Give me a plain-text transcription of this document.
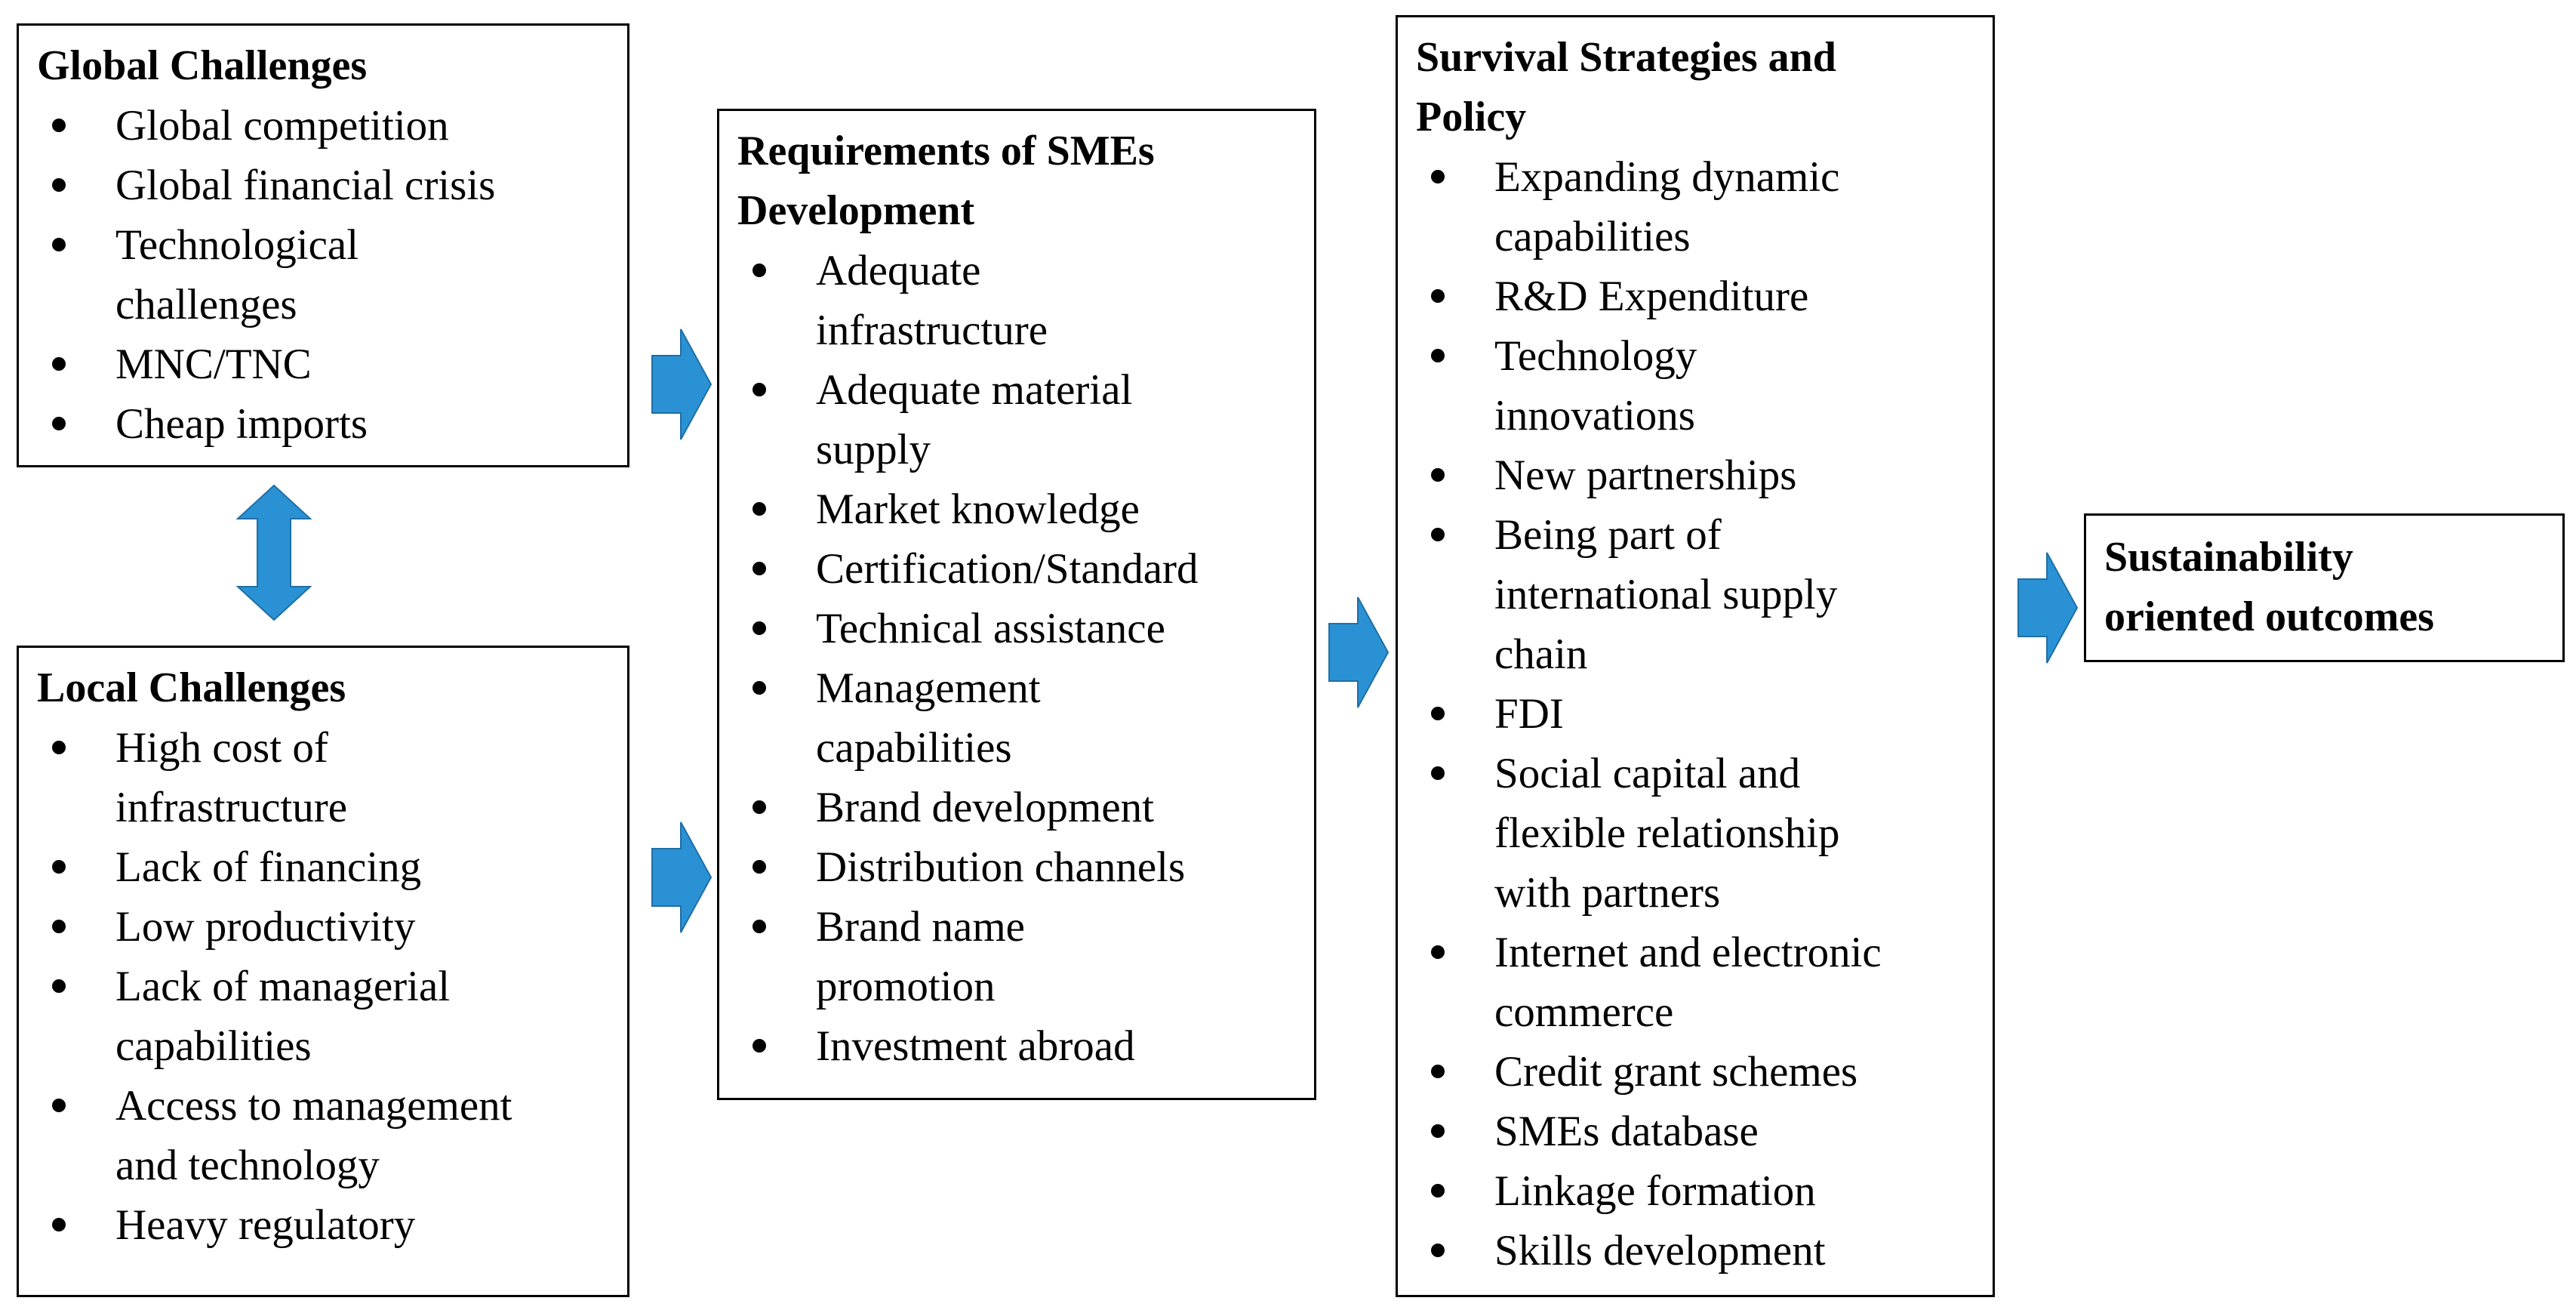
Global Challenges
Global competition
Global financial crisis
Technological
challenges
MNC/TNC
Cheap imports
Local Challenges
High cost of
infrastructure
Lack of financing
Low productivity
Lack of managerial
capabilities
Access to management
and technology
Heavy regulatory
Requirements of SMEs
Development
Adequate
infrastructure
Adequate material
supply
Market knowledge
Certification/Standard
Technical assistance
Management
capabilities
Brand development
Distribution channels
Brand name
promotion
Investment abroad
Survival Strategies and
Policy
Expanding dynamic
capabilities
R&D Expenditure
Technology
innovations
New partnerships
Being part of
international supply
chain
FDI
Social capital and
flexible relationship
with partners
Internet and electronic
commerce
Credit grant schemes
SMEs database
Linkage formation
Skills development
Sustainability
oriented outcomes
